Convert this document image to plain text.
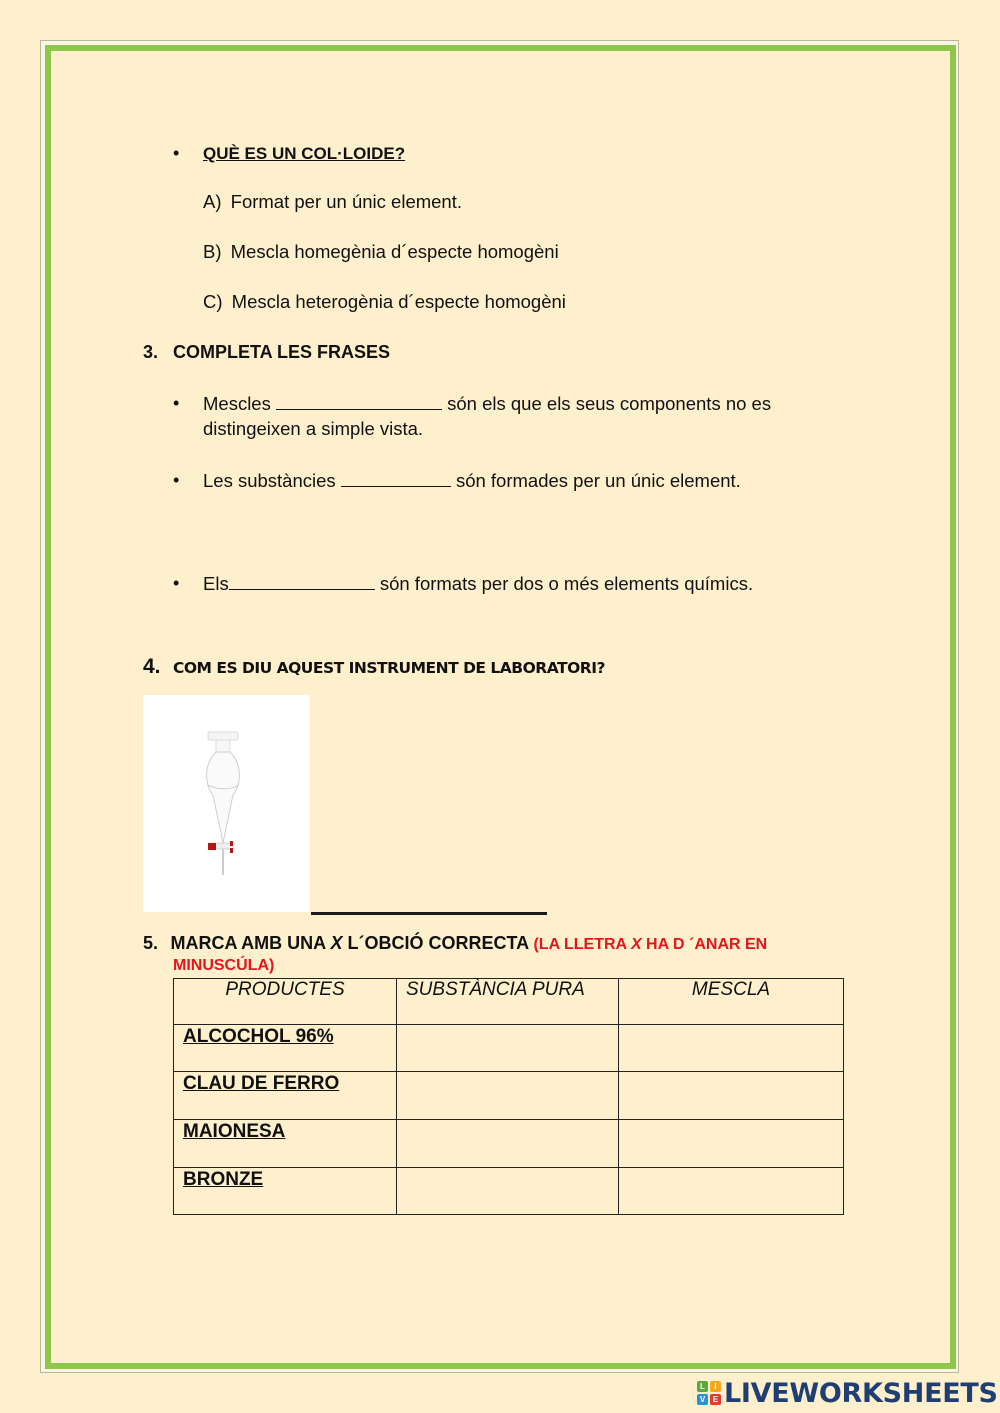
• QUÈ ES UN COL·LOIDE?
A) Format per un únic element.
B) Mescla homegènia d´especte homogèni
C) Mescla heterogènia d´especte homogèni
3. COMPLETA LES FRASES
• Mescles	són els que els seus components no es
distingeixen a simple vista.
• Les substàncies	són formades per un únic element.
• Els	són formats per dos o més elements químics.
4. COM ES DIU AQUEST INSTRUMENT DE LABORATORI?
5. MARCA AMB UNA X L´OBCIÓ CORRECTA (LA LLETRA X HA D ´ANAR EN
MINUSCÚLA)
PRODUCTES	SUBSTÀNCIA PURA	MESCLA
ALCOCHOL 96%		
CLAU DE FERRO		
MAIONESA		
BRONZE		
L	I
V E LIVEWORKSHEETS
